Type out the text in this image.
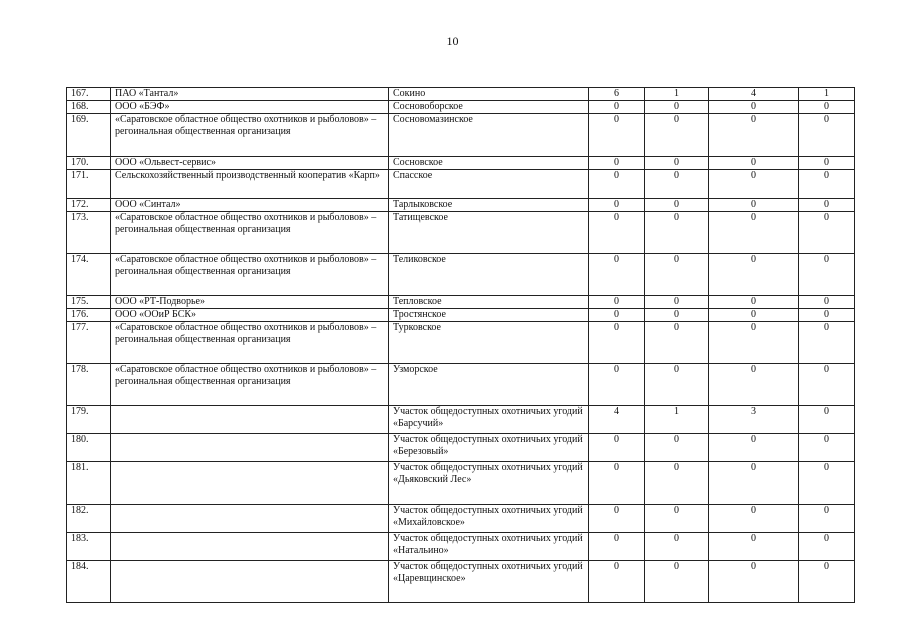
10
167.	ПАО «Тантал»	Сокино	6	1	4	1
168.	ООО «БЭФ»	Сосновоборское	0	0	0	0
169.	«Саратовское областное общество охотников и рыболовов» – регоинальная общественная организация	Сосновомазинское	0	0	0	0
170.	ООО «Ольвест-сервис»	Сосновское	0	0	0	0
171.	Сельскохозяйственный производственный кооператив «Карп»	Спасское	0	0	0	0
172.	ООО «Синтал»	Тарлыковское	0	0	0	0
173.	«Саратовское областное общество охотников и рыболовов» – регоинальная общественная организация	Татищевское	0	0	0	0
174.	«Саратовское областное общество охотников и рыболовов» – регоинальная общественная организация	Теликовское	0	0	0	0
175.	ООО «РТ-Подворье»	Тепловское	0	0	0	0
176.	ООО «ООиР БСК»	Тростянское	0	0	0	0
177.	«Саратовское областное общество охотников и рыболовов» – регоинальная общественная организация	Турковское	0	0	0	0
178.	«Саратовское областное общество охотников и рыболовов» – регоинальная общественная организация	Узморское	0	0	0	0
179.		Участок общедоступных охотничьих угодий «Барсучий»	4	1	3	0
180.		Участок общедоступных охотничьих угодий «Березовый»	0	0	0	0
181.		Участок общедоступных охотничьих угодий «Дьяковский Лес»	0	0	0	0
182.		Участок общедоступных охотничьих угодий «Михайловское»	0	0	0	0
183.		Участок общедоступных охотничьих угодий «Натальино»	0	0	0	0
184.		Участок общедоступных охотничьих угодий «Царевщинское»	0	0	0	0
